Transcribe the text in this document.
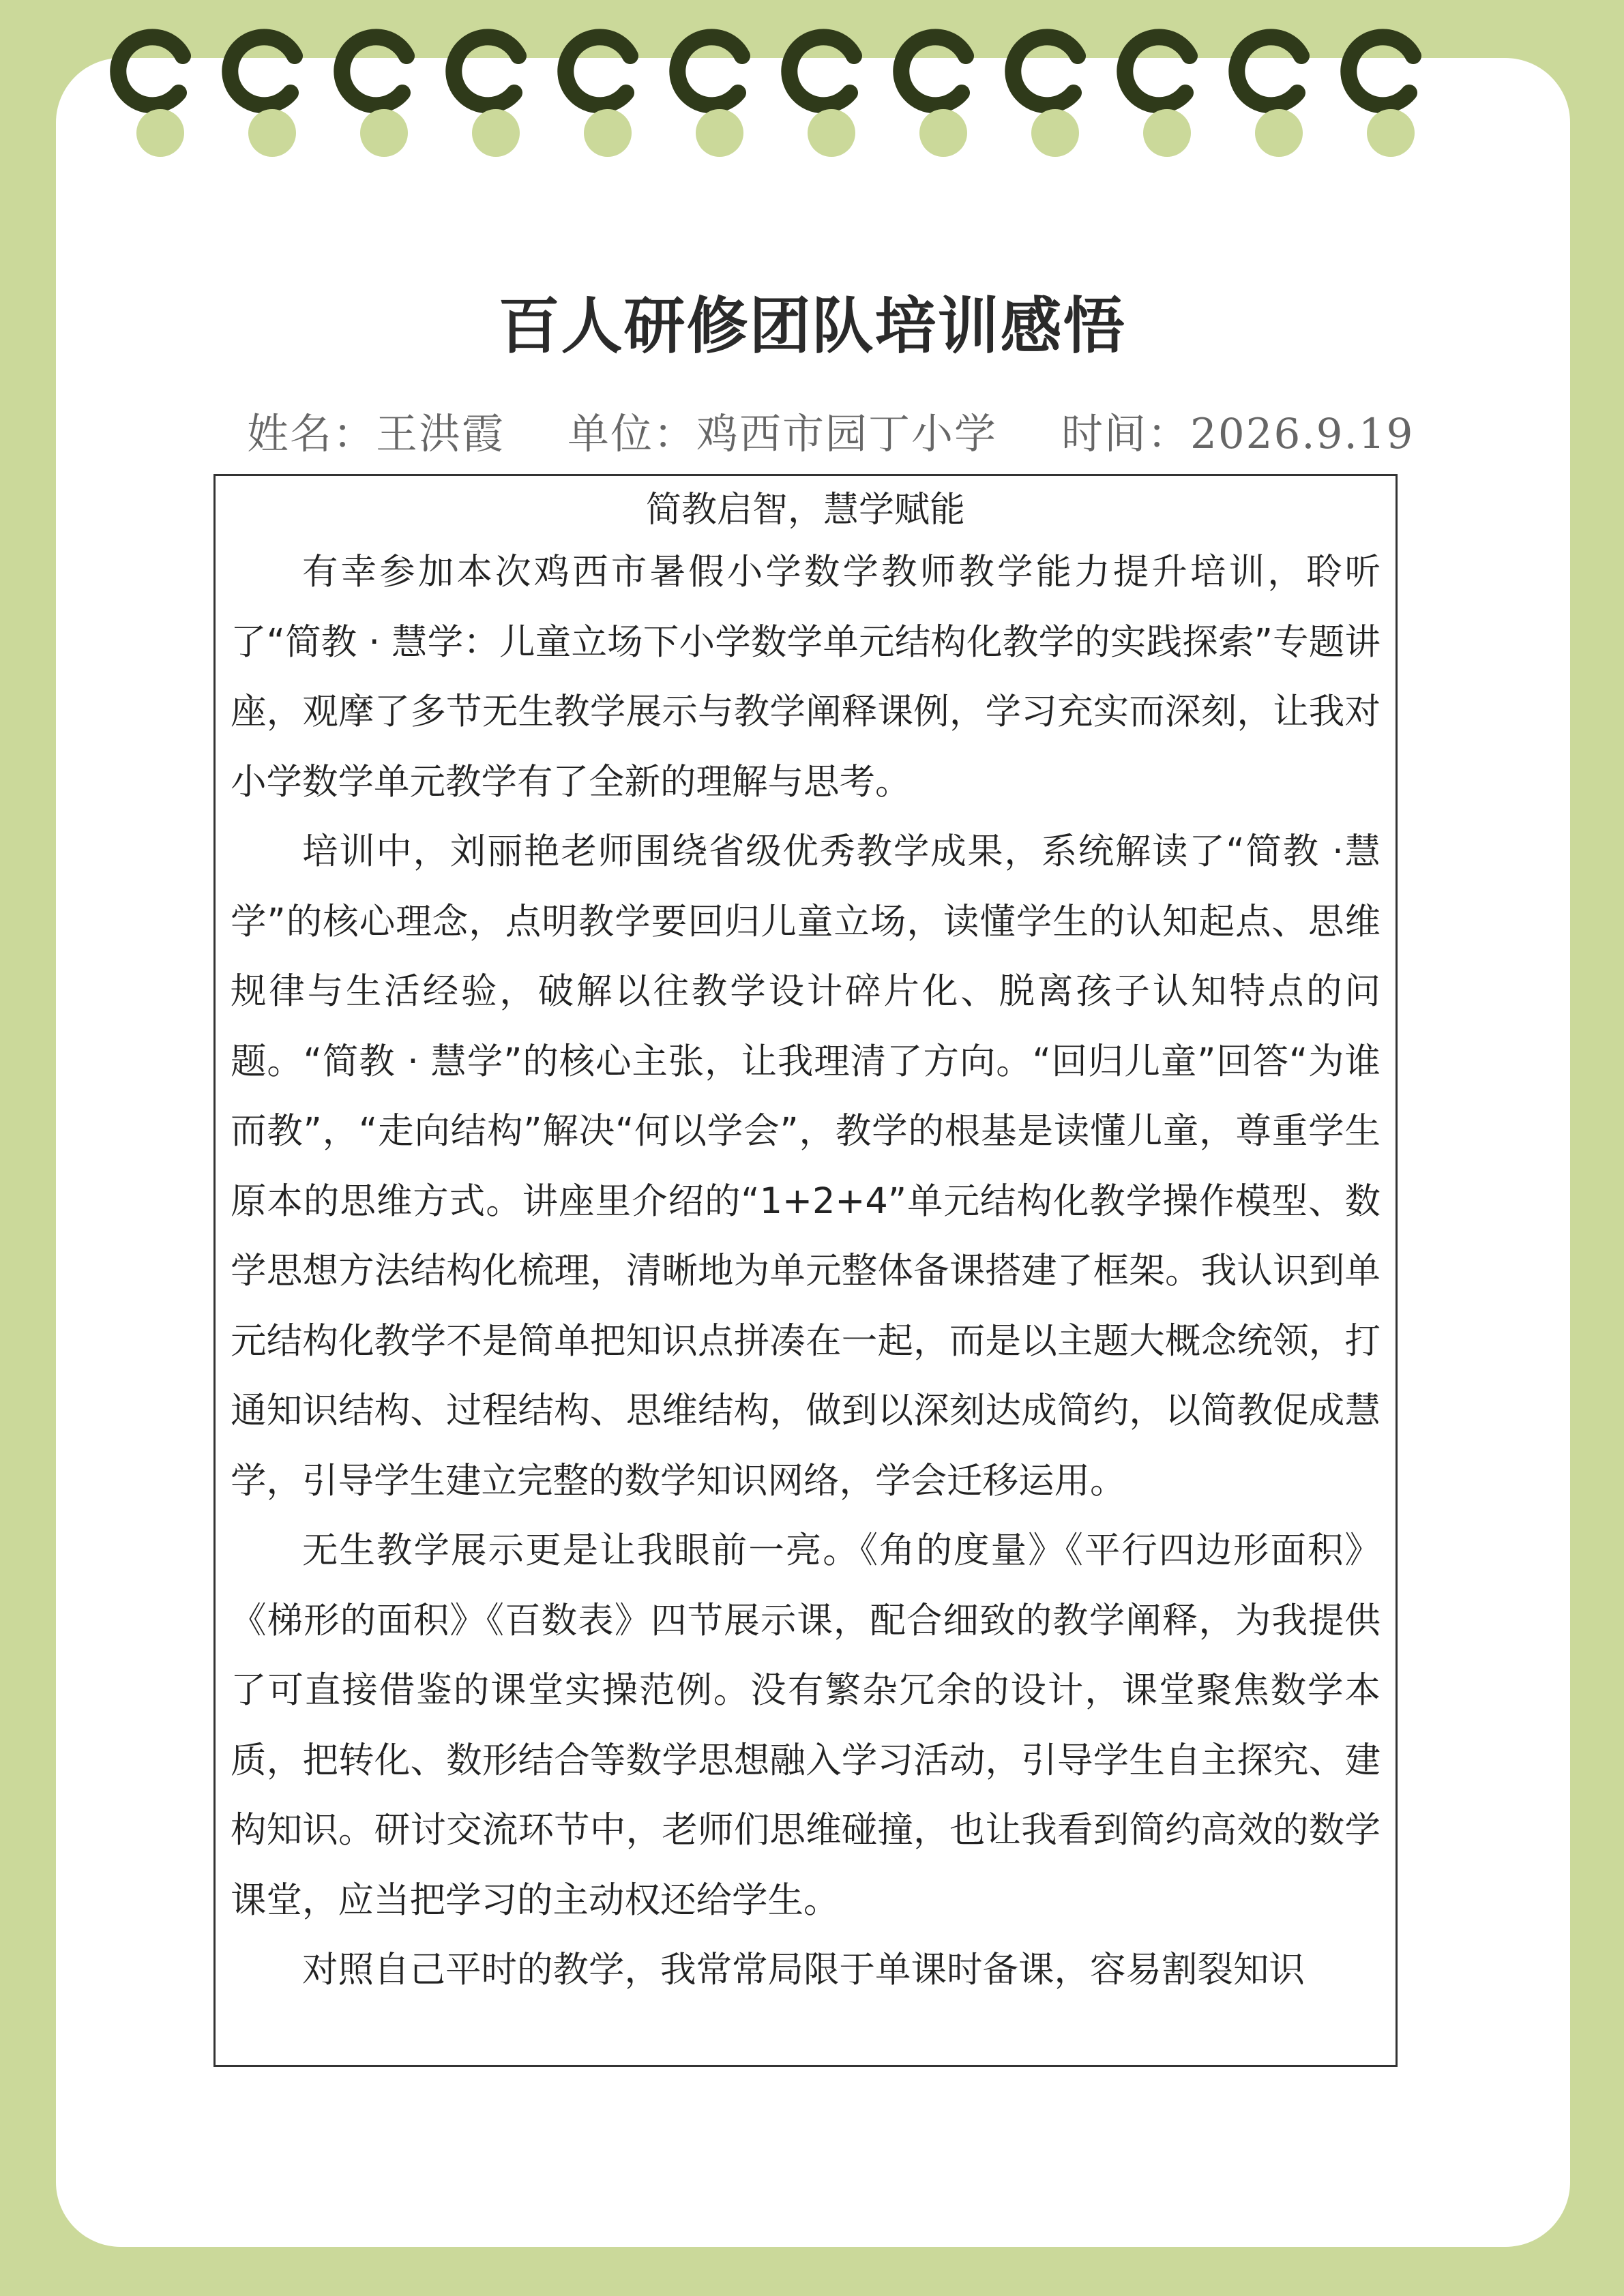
百人研修团队培训感悟
姓名：王洪霞 单位：鸡西市园丁小学 时间：2026.9.19
简教启智，慧学赋能

有幸参加本次鸡西市暑假小学数学教师教学能力提升培训，聆听了“简教 · 慧学：儿童立场下小学数学单元结构化教学的实践探索”专题讲座，观摩了多节无生教学展示与教学阐释课例，学习充实而深刻，让我对小学数学单元教学有了全新的理解与思考。

培训中，刘丽艳老师围绕省级优秀教学成果，系统解读了“简教 ·慧学”的核心理念，点明教学要回归儿童立场，读懂学生的认知起点、思维规律与生活经验，破解以往教学设计碎片化、脱离孩子认知特点的问题。“简教 · 慧学”的核心主张，让我理清了方向。“回归儿童”回答“为谁而教”，“走向结构”解决“何以学会”，教学的根基是读懂儿童，尊重学生原本的思维方式。讲座里介绍的“1+2+4”单元结构化教学操作模型、数学思想方法结构化梳理，清晰地为单元整体备课搭建了框架。我认识到单元结构化教学不是简单把知识点拼凑在一起，而是以主题大概念统领，打通知识结构、过程结构、思维结构，做到以深刻达成简约，以简教促成慧学，引导学生建立完整的数学知识网络，学会迁移运用。

无生教学展示更是让我眼前一亮。《角的度量》《平行四边形面积》《梯形的面积》《百数表》四节展示课，配合细致的教学阐释，为我提供了可直接借鉴的课堂实操范例。没有繁杂冗余的设计，课堂聚焦数学本质，把转化、数形结合等数学思想融入学习活动，引导学生自主探究、建构知识。研讨交流环节中，老师们思维碰撞，也让我看到简约高效的数学课堂，应当把学习的主动权还给学生。

对照自己平时的教学，我常常局限于单课时备课，容易割裂知识
